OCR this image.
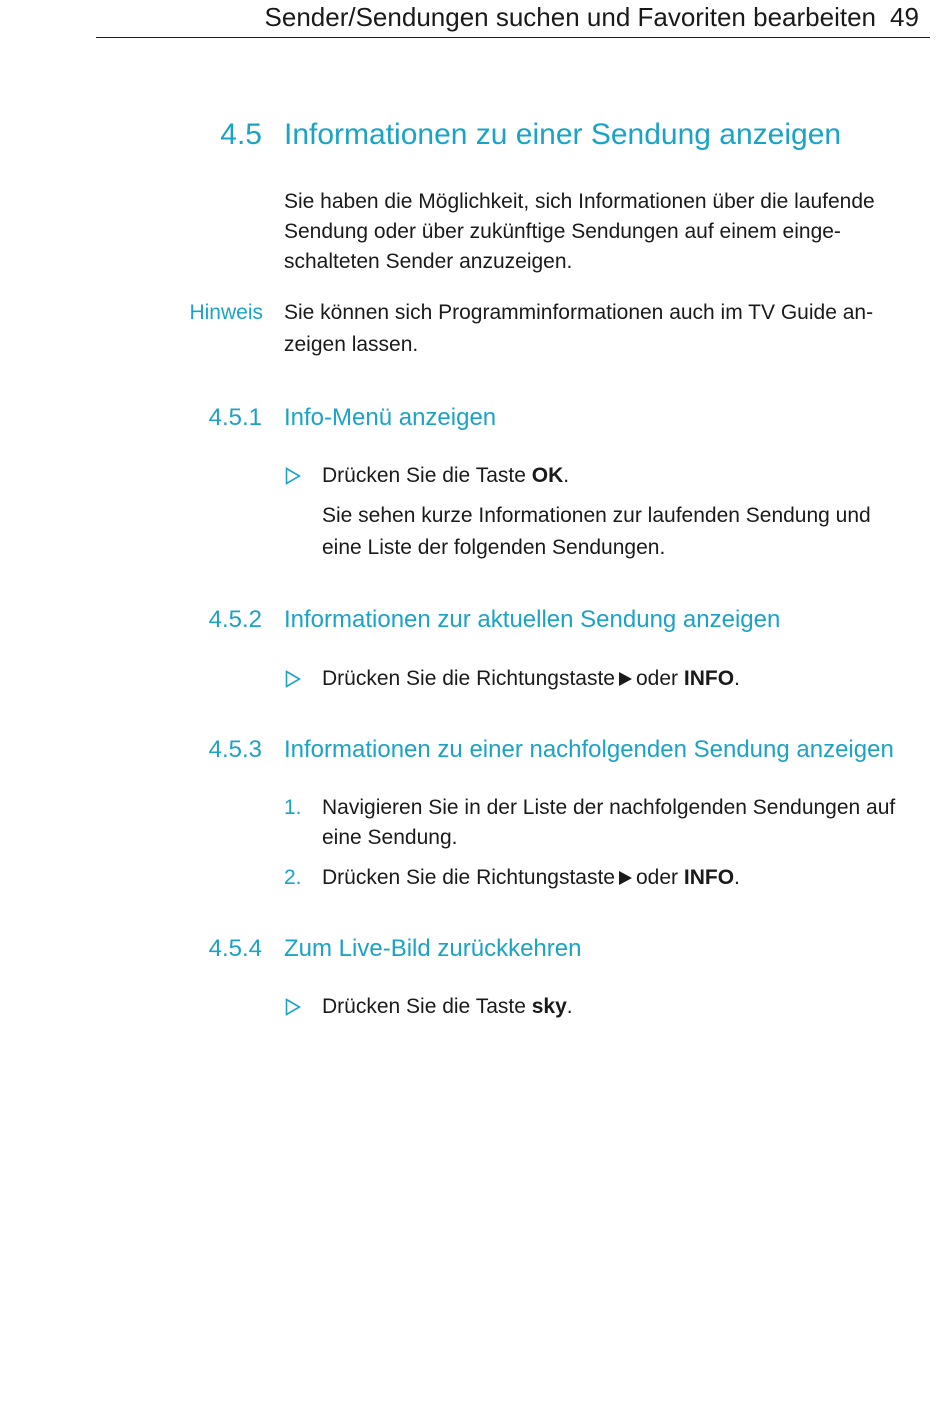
Sender/Sendungen suchen und Favoriten bearbeiten 49
4.5 Informationen zu einer Sendung anzeigen
Sie haben die Möglichkeit, sich Informationen über die laufende
Sendung oder über zukünftige Sendungen auf einem einge-
schalteten Sender anzuzeigen.
Hinweis Sie können sich Programminformationen auch im TV Guide an-
zeigen lassen.
4.5.1 Info-Menü anzeigen
Drücken Sie die Taste OK.
Sie sehen kurze Informationen zur laufenden Sendung und
eine Liste der folgenden Sendungen.
4.5.2 Informationen zur aktuellen Sendung anzeigen
Drücken Sie die Richtungstaste oder INFO.
4.5.3 Informationen zu einer nachfolgenden Sendung anzeigen
1. Navigieren Sie in der Liste der nachfolgenden Sendungen auf
eine Sendung.
2. Drücken Sie die Richtungstaste oder INFO.
4.5.4 Zum Live-Bild zurückkehren
Drücken Sie die Taste sky.
